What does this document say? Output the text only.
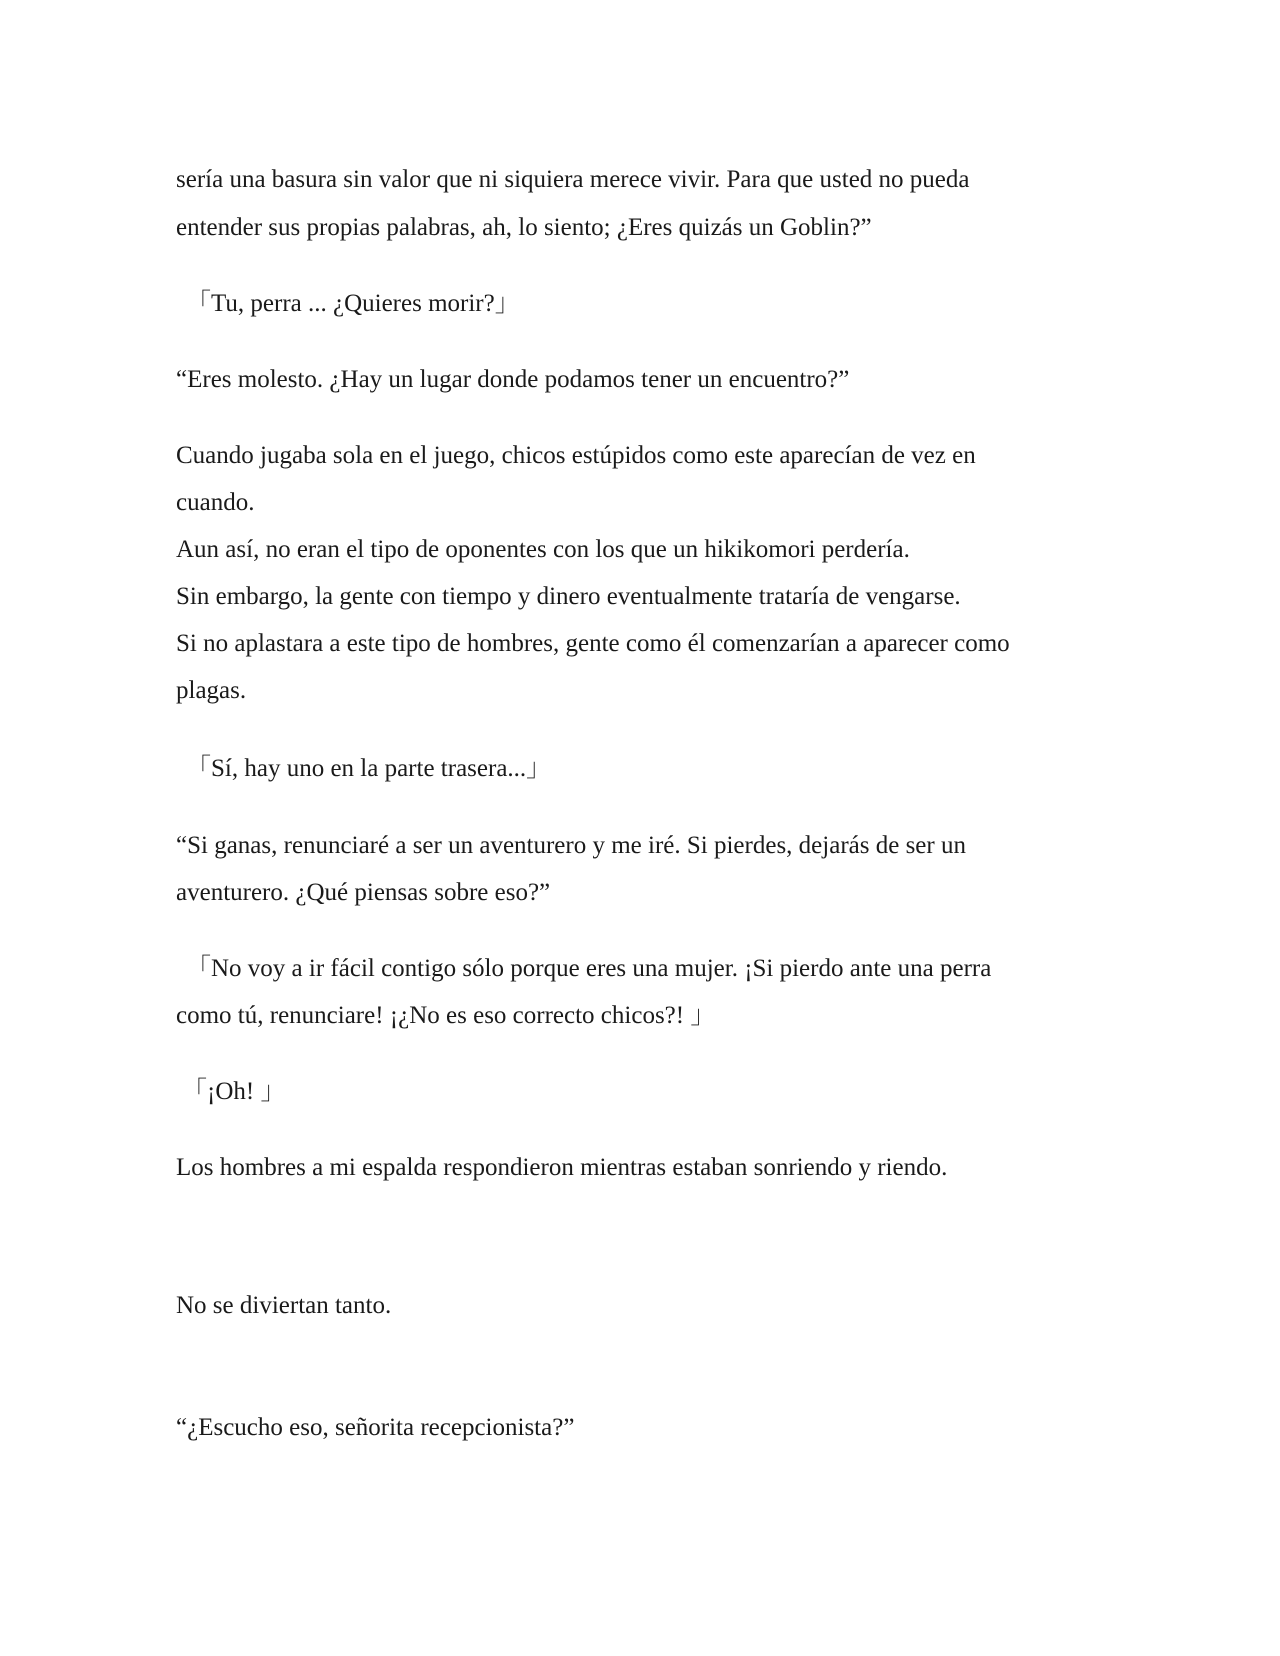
sería una basura sin valor que ni siquiera merece vivir. Para que usted no pueda
entender sus propias palabras, ah, lo siento; ¿Eres quizás un Goblin?”
「Tu, perra ... ¿Quieres morir?」
“Eres molesto. ¿Hay un lugar donde podamos tener un encuentro?”
Cuando jugaba sola en el juego, chicos estúpidos como este aparecían de vez en
cuando.
Aun así, no eran el tipo de oponentes con los que un hikikomori perdería.
Sin embargo, la gente con tiempo y dinero eventualmente trataría de vengarse.
Si no aplastara a este tipo de hombres, gente como él comenzarían a aparecer como
plagas.
「Sí, hay uno en la parte trasera...」
“Si ganas, renunciaré a ser un aventurero y me iré. Si pierdes, dejarás de ser un
aventurero. ¿Qué piensas sobre eso?”
「No voy a ir fácil contigo sólo porque eres una mujer. ¡Si pierdo ante una perra
como tú, renunciare! ¡¿No es eso correcto chicos?! 」
「¡Oh! 」
Los hombres a mi espalda respondieron mientras estaban sonriendo y riendo.
No se diviertan tanto.
“¿Escucho eso, señorita recepcionista?”
